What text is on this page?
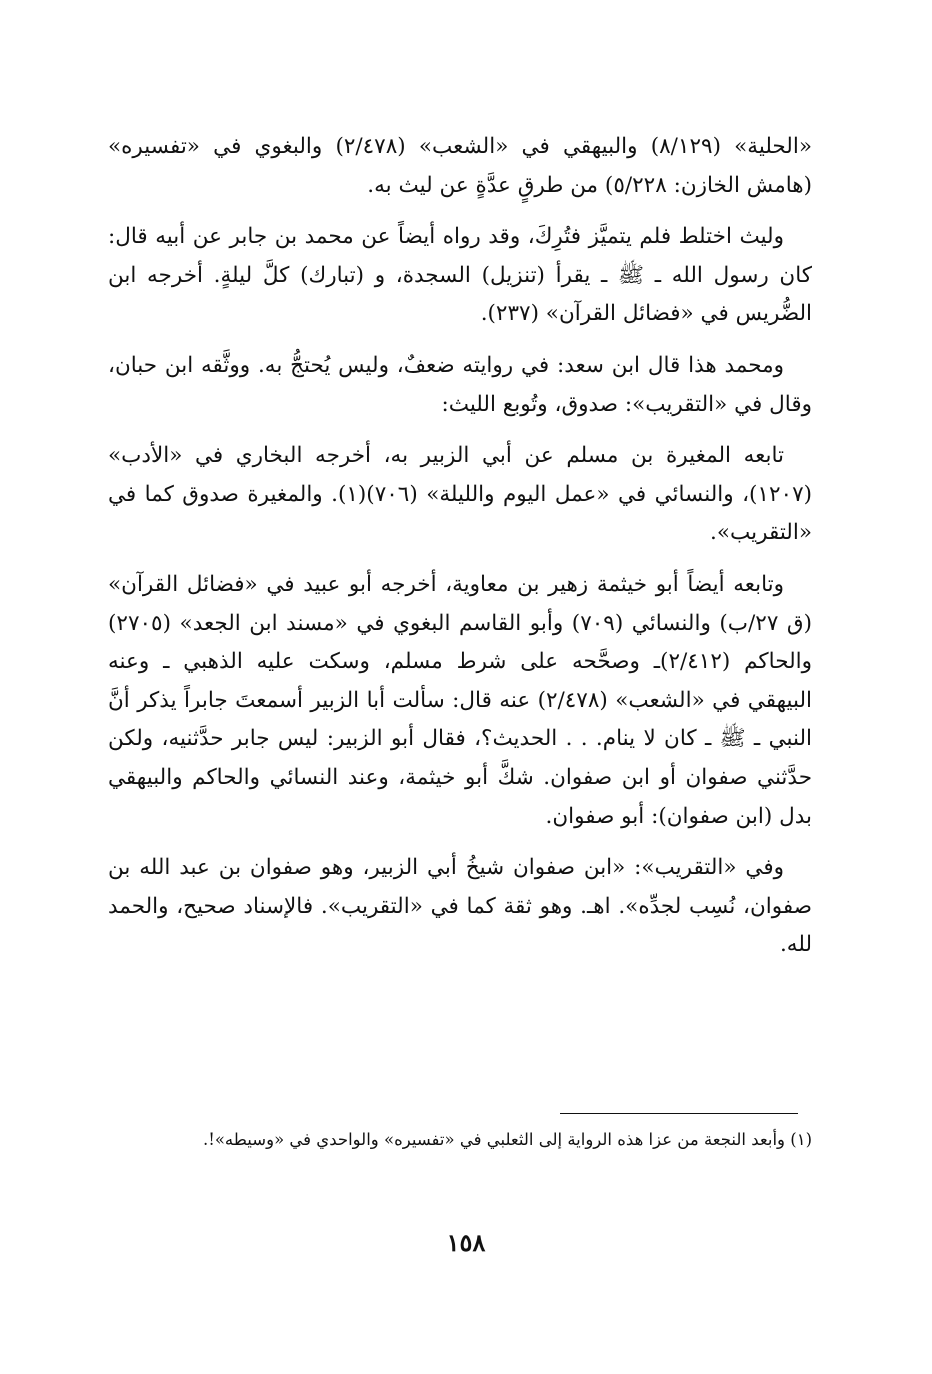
«الحلية» (٨/١٢٩) والبيهقي في «الشعب» (٢/٤٧٨) والبغوي في «تفسيره» (هامش الخازن: ٥/٢٢٨) من طرقٍ عدَّةٍ عن ليث به.

وليث اختلط فلم يتميَّز فتُرِكَ، وقد رواه أيضاً عن محمد بن جابر عن أبيه قال: كان رسول الله ـ ﷺ ـ يقرأ (تنزيل) السجدة، و (تبارك) كلَّ ليلةٍ. أخرجه ابن الضُّريس في «فضائل القرآن» (٢٣٧).

ومحمد هذا قال ابن سعد: في روايته ضعفٌ، وليس يُحتجُّ به. ووثَّقه ابن حبان، وقال في «التقريب»: صدوق، وتُوبع الليث:

تابعه المغيرة بن مسلم عن أبي الزبير به، أخرجه البخاري في «الأدب» (١٢٠٧)، والنسائي في «عمل اليوم والليلة» (٧٠٦)(١). والمغيرة صدوق كما في «التقريب».

وتابعه أيضاً أبو خيثمة زهير بن معاوية، أخرجه أبو عبيد في «فضائل القرآن» (ق ٢٧/ب) والنسائي (٧٠٩) وأبو القاسم البغوي في «مسند ابن الجعد» (٢٧٠٥) والحاكم (٢/٤١٢)ـ وصحَّحه على شرط مسلم، وسكت عليه الذهبي ـ وعنه البيهقي في «الشعب» (٢/٤٧٨) عنه قال: سألت أبا الزبير أسمعتَ جابراً يذكر أنَّ النبي ـ ﷺ ـ كان لا ينام. . . الحديث؟، فقال أبو الزبير: ليس جابر حدَّثنيه، ولكن حدَّثني صفوان أو ابن صفوان. شكَّ أبو خيثمة، وعند النسائي والحاكم والبيهقي بدل (ابن صفوان): أبو صفوان.

وفي «التقريب»: «ابن صفوان شيخُ أبي الزبير، وهو صفوان بن عبد الله بن صفوان، نُسِب لجدِّه». اهـ. وهو ثقة كما في «التقريب». فالإسناد صحيح، والحمد لله.

(١) وأبعد النجعة من عزا هذه الرواية إلى الثعلبي في «تفسيره» والواحدي في «وسيطه»!.

١٥٨
